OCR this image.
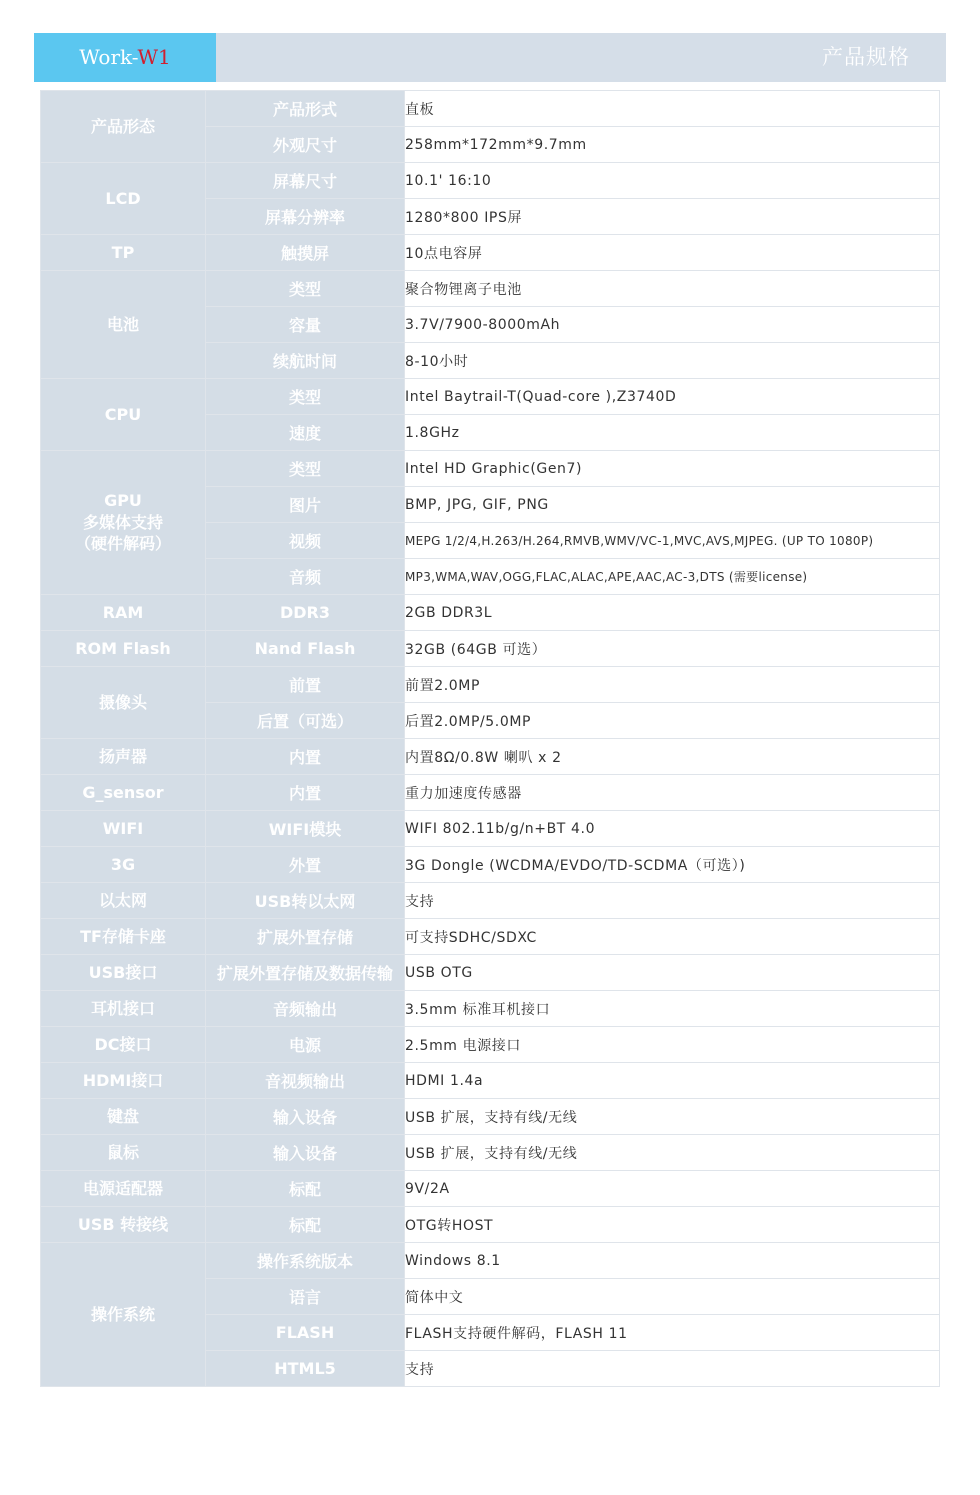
Work-W1	产品规格
产品形态	产品形式	直板
	外观尺寸	258mm*172mm*9.7mm

LCD	屏幕尺寸	10.1' 16:10
	屏幕分辨率	1280*800 IPS屏

TP	触摸屏	10点电容屏

电池	类型	聚合物锂离子电池
	容量	3.7V/7900-8000mAh
	续航时间	8-10小时

CPU	类型	Intel Baytrail-T(Quad-core ),Z3740D
	速度	1.8GHz

GPU
多媒体支持
（硬件解码）	类型	Intel HD Graphic(Gen7)
	图片	BMP, JPG, GIF, PNG
	视频	MEPG 1/2/4,H.263/H.264,RMVB,WMV/VC-1,MVC,AVS,MJPEG. (UP TO 1080P)
	音频	MP3,WMA,WAV,OGG,FLAC,ALAC,APE,AAC,AC-3,DTS (需要license)

RAM	DDR3	2GB DDR3L

ROM Flash	Nand Flash	32GB (64GB 可选）

摄像头	前置	前置2.0MP
	后置（可选）	后置2.0MP/5.0MP

扬声器	内置	内置8Ω/0.8W 喇叭 x 2

G_sensor	内置	重力加速度传感器

WIFI	WIFI模块	WIFI 802.11b/g/n+BT 4.0

3G	外置	3G Dongle (WCDMA/EVDO/TD-SCDMA（可选）)

以太网	USB转以太网	支持

TF存储卡座	扩展外置存储	可支持SDHC/SDXC

USB接口	扩展外置存储及数据传输	USB OTG

耳机接口	音频输出	3.5mm 标准耳机接口

DC接口	电源	2.5mm 电源接口

HDMI接口	音视频输出	HDMI 1.4a

键盘	输入设备	USB 扩展，支持有线/无线

鼠标	输入设备	USB 扩展，支持有线/无线

电源适配器	标配	9V/2A

USB 转接线	标配	OTG转HOST

操作系统	操作系统版本	Windows 8.1
	语言	简体中文
	FLASH	FLASH支持硬件解码，FLASH 11
	HTML5	支持
